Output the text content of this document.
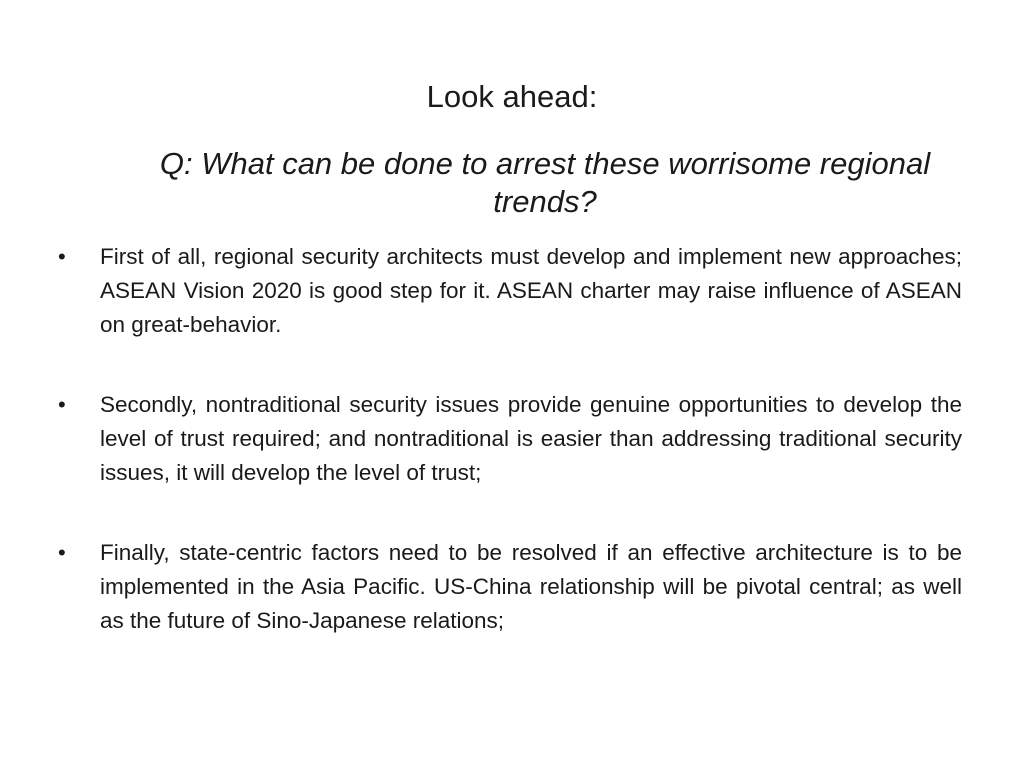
Look ahead:
Q: What can be done to arrest these worrisome regional trends?
• First of all, regional security architects must develop and implement new approaches; ASEAN Vision 2020 is good step for it. ASEAN charter may raise influence of ASEAN on great-behavior.
• Secondly, nontraditional security issues provide genuine opportunities to develop the level of trust required; and nontraditional is easier than addressing traditional security issues, it will develop the level of trust;
• Finally, state-centric factors need to be resolved if an effective architecture is to be implemented in the Asia Pacific. US-China relationship will be pivotal central; as well as the future of Sino-Japanese relations;
